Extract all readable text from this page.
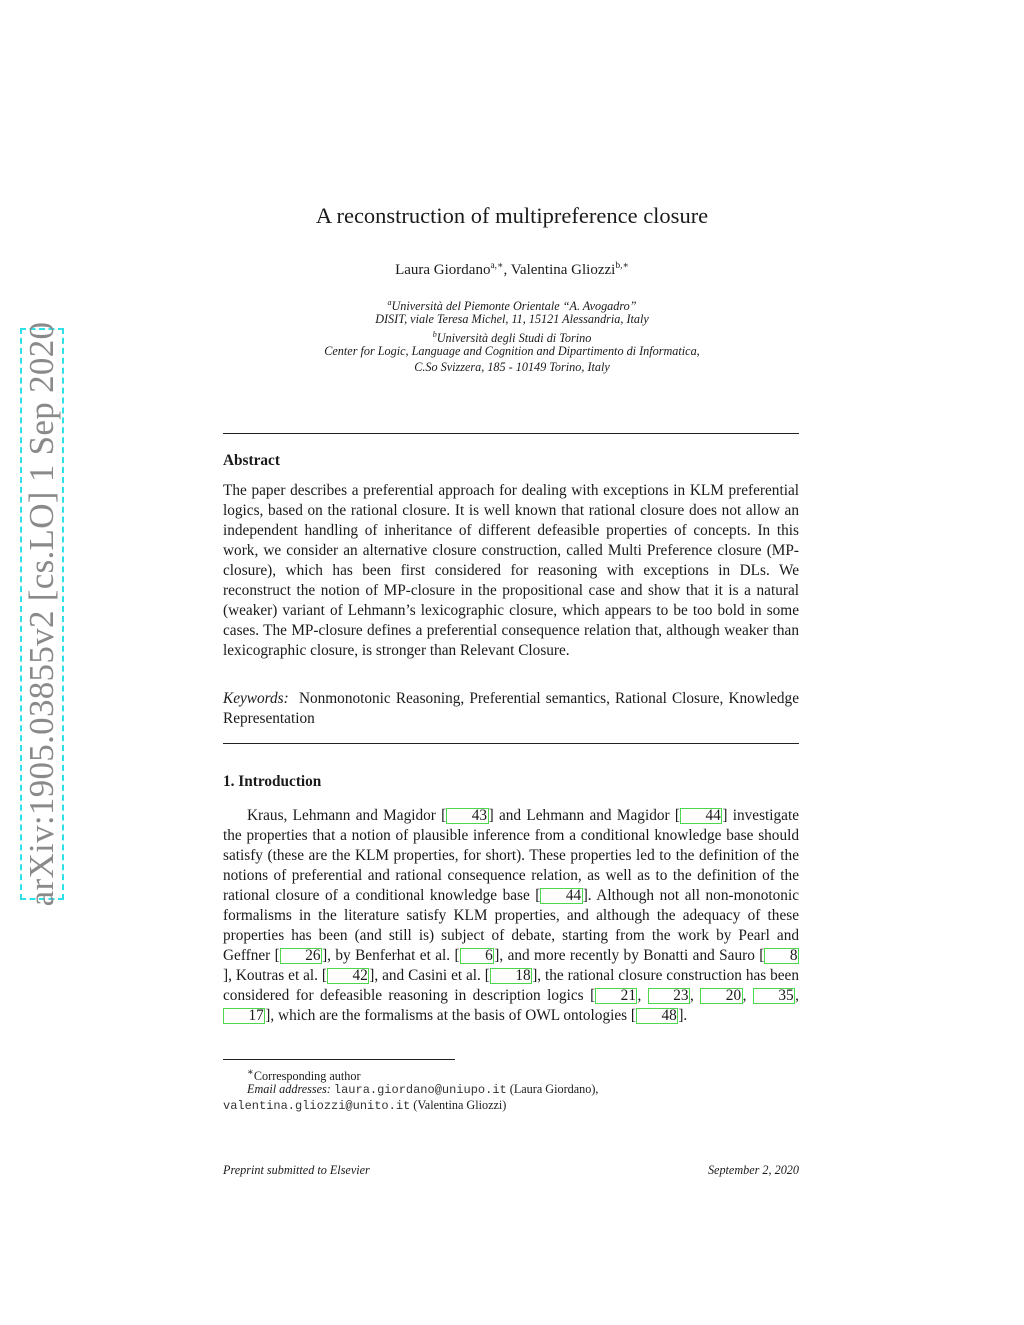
arXiv:1905.03855v2 [cs.LO] 1 Sep 2020
A reconstruction of multipreference closure
Laura Giordano$^{a,∗}$, Valentina Gliozzi$^{b,∗}$
$^a$Università del Piemonte Orientale “A. Avogadro”
DISIT, viale Teresa Michel, 11, 15121 Alessandria, Italy
$^b$Università degli Studi di Torino
Center for Logic, Language and Cognition and Dipartimento di Informatica,
C.So Svizzera, 185 - 10149 Torino, Italy
Abstract

The paper describes a preferential approach for dealing with exceptions in KLM preferential logics, based on the rational closure. It is well known that rational closure does not allow an independent handling of inheritance of different defeasible properties of concepts. In this work, we consider an alternative closure construction, called Multi Preference closure (MP-closure), which has been first considered for reasoning with exceptions in DLs. We reconstruct the notion of MP-closure in the propositional case and show that it is a natural (weaker) variant of Lehmann’s lexicographic closure, which appears to be too bold in some cases. The MP-closure defines a preferential consequence relation that, although weaker than lexicographic closure, is stronger than Relevant Closure.

Keywords: Nonmonotonic Reasoning, Preferential semantics, Rational Closure, Knowledge Representation
1. Introduction

Kraus, Lehmann and Magidor [ 43] and Lehmann and Magidor [ 44] investigate the properties that a notion of plausible inference from a conditional knowledge base should satisfy (these are the KLM properties, for short). These properties led to the definition of the notions of preferential and rational consequence relation, as well as to the definition of the rational closure of a conditional knowledge base [ 44]. Although not all non-monotonic formalisms in the literature satisfy KLM properties, and although the adequacy of these properties has been (and still is) subject of debate, starting from the work by Pearl and Geffner [ 26], by Benferhat et al. [ 6], and more recently by Bonatti and Sauro [ 8], Koutras et al. [ 42], and Casini et al. [ 18], the rational closure construction has been considered for defeasible reasoning in description logics [ 21, 23, 20, 35, 17], which are the formalisms at the basis of OWL ontologies [ 48].

∗Corresponding author
Email addresses: laura.giordano@uniupo.it (Laura Giordano),
valentina.gliozzi@unito.it (Valentina Gliozzi)
Preprint submitted to Elsevier	September 2, 2020
